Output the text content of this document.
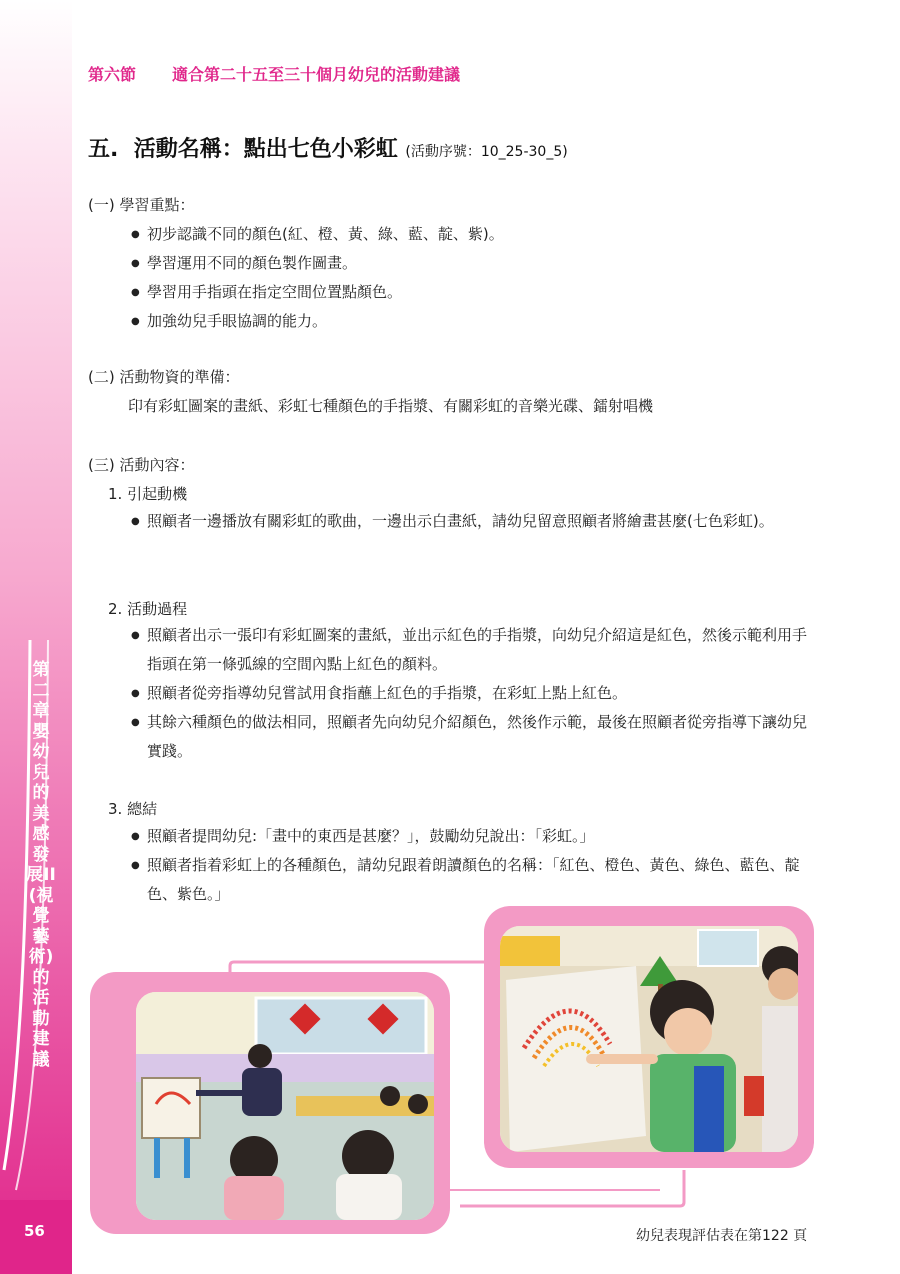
第二章 嬰幼兒的美感發展II(視覺藝術)的活動建議
56
第六節 適合第二十五至三十個月幼兒的活動建議
五. 活動名稱：點出七色小彩虹 (活動序號：10_25-30_5)
(一) 學習重點：
● 初步認識不同的顏色(紅、橙、黃、綠、藍、靛、紫)。
● 學習運用不同的顏色製作圖畫。
● 學習用手指頭在指定空間位置點顏色。
● 加強幼兒手眼協調的能力。
(二) 活動物資的準備：
印有彩虹圖案的畫紙、彩虹七種顏色的手指漿、有關彩虹的音樂光碟、鐳射唱機
(三) 活動內容：
1. 引起動機
● 照顧者一邊播放有關彩虹的歌曲，一邊出示白畫紙，請幼兒留意照顧者將繪畫甚麼(七色彩虹)。
2. 活動過程
● 照顧者出示一張印有彩虹圖案的畫紙，並出示紅色的手指漿，向幼兒介紹這是紅色，然後示範利用手指頭在第一條弧線的空間內點上紅色的顏料。
● 照顧者從旁指導幼兒嘗試用食指蘸上紅色的手指漿，在彩虹上點上紅色。
● 其餘六種顏色的做法相同，照顧者先向幼兒介紹顏色，然後作示範，最後在照顧者從旁指導下讓幼兒實踐。
3. 總結
● 照顧者提問幼兒:「畫中的東西是甚麼？」，鼓勵幼兒說出：「彩虹。」
● 照顧者指着彩虹上的各種顏色，請幼兒跟着朗讀顏色的名稱：「紅色、橙色、黃色、綠色、藍色、靛色、紫色。」
幼兒表現評估表在第122 頁
